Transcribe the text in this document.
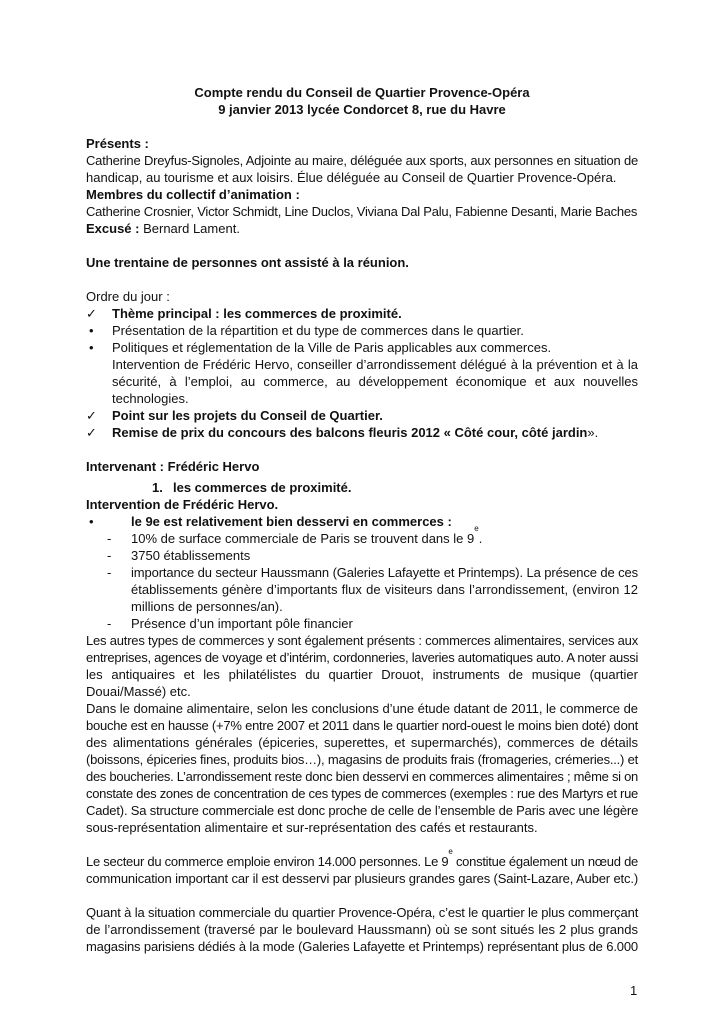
Compte rendu du Conseil de Quartier Provence-Opéra
9 janvier 2013 lycée Condorcet 8, rue du Havre
Présents :
Catherine Dreyfus-Signoles, Adjointe au maire, déléguée aux sports, aux personnes en situation de
handicap, au tourisme et aux loisirs. Élue déléguée au Conseil de Quartier Provence-Opéra.
Membres du collectif d’animation :
Catherine Crosnier, Victor Schmidt, Line Duclos, Viviana Dal Palu, Fabienne Desanti, Marie Baches
Excusé : Bernard Lament.
Une trentaine de personnes ont assisté à la réunion.
Ordre du jour :
✓ Thème principal : les commerces de proximité.
• Présentation de la répartition et du type de commerces dans le quartier.
• Politiques et réglementation de la Ville de Paris applicables aux commerces.
Intervention de Frédéric Hervo, conseiller d’arrondissement délégué à la prévention et à la
sécurité, à l’emploi, au commerce, au développement économique et aux nouvelles
technologies.
✓ Point sur les projets du Conseil de Quartier.
✓ Remise de prix du concours des balcons fleuris 2012 « Côté cour, côté jardin».
Intervenant : Frédéric Hervo
1. les commerces de proximité.
Intervention de Frédéric Hervo.
•	le 9e est relativement bien desservi en commerces :
- 10% de surface commerciale de Paris se trouvent dans le 9e.
- 3750 établissements
- importance du secteur Haussmann (Galeries Lafayette et Printemps). La présence de ces
établissements génère d’importants flux de visiteurs dans l’arrondissement, (environ 12
millions de personnes/an).
- Présence d’un important pôle financier
Les autres types de commerces y sont également présents : commerces alimentaires, services aux
entreprises, agences de voyage et d’intérim, cordonneries, laveries automatiques auto. A noter aussi
les antiquaires et les philatélistes du quartier Drouot, instruments de musique (quartier
Douai/Massé) etc.
Dans le domaine alimentaire, selon les conclusions d’une étude datant de 2011, le commerce de
bouche est en hausse (+7% entre 2007 et 2011 dans le quartier nord-ouest le moins bien doté) dont
des alimentations générales (épiceries, superettes, et supermarchés), commerces de détails
(boissons, épiceries fines, produits bios…), magasins de produits frais (fromageries, crémeries...) et
des boucheries. L’arrondissement reste donc bien desservi en commerces alimentaires ; même si on
constate des zones de concentration de ces types de commerces (exemples : rue des Martyrs et rue
Cadet). Sa structure commerciale est donc proche de celle de l’ensemble de Paris avec une légère
sous-représentation alimentaire et sur-représentation des cafés et restaurants.
Le secteur du commerce emploie environ 14.000 personnes. Le 9e constitue également un nœud de
communication important car il est desservi par plusieurs grandes gares (Saint-Lazare, Auber etc.)
Quant à la situation commerciale du quartier Provence-Opéra, c’est le quartier le plus commerçant
de l’arrondissement (traversé par le boulevard Haussmann) où se sont situés les 2 plus grands
magasins parisiens dédiés à la mode (Galeries Lafayette et Printemps) représentant plus de 6.000
1
